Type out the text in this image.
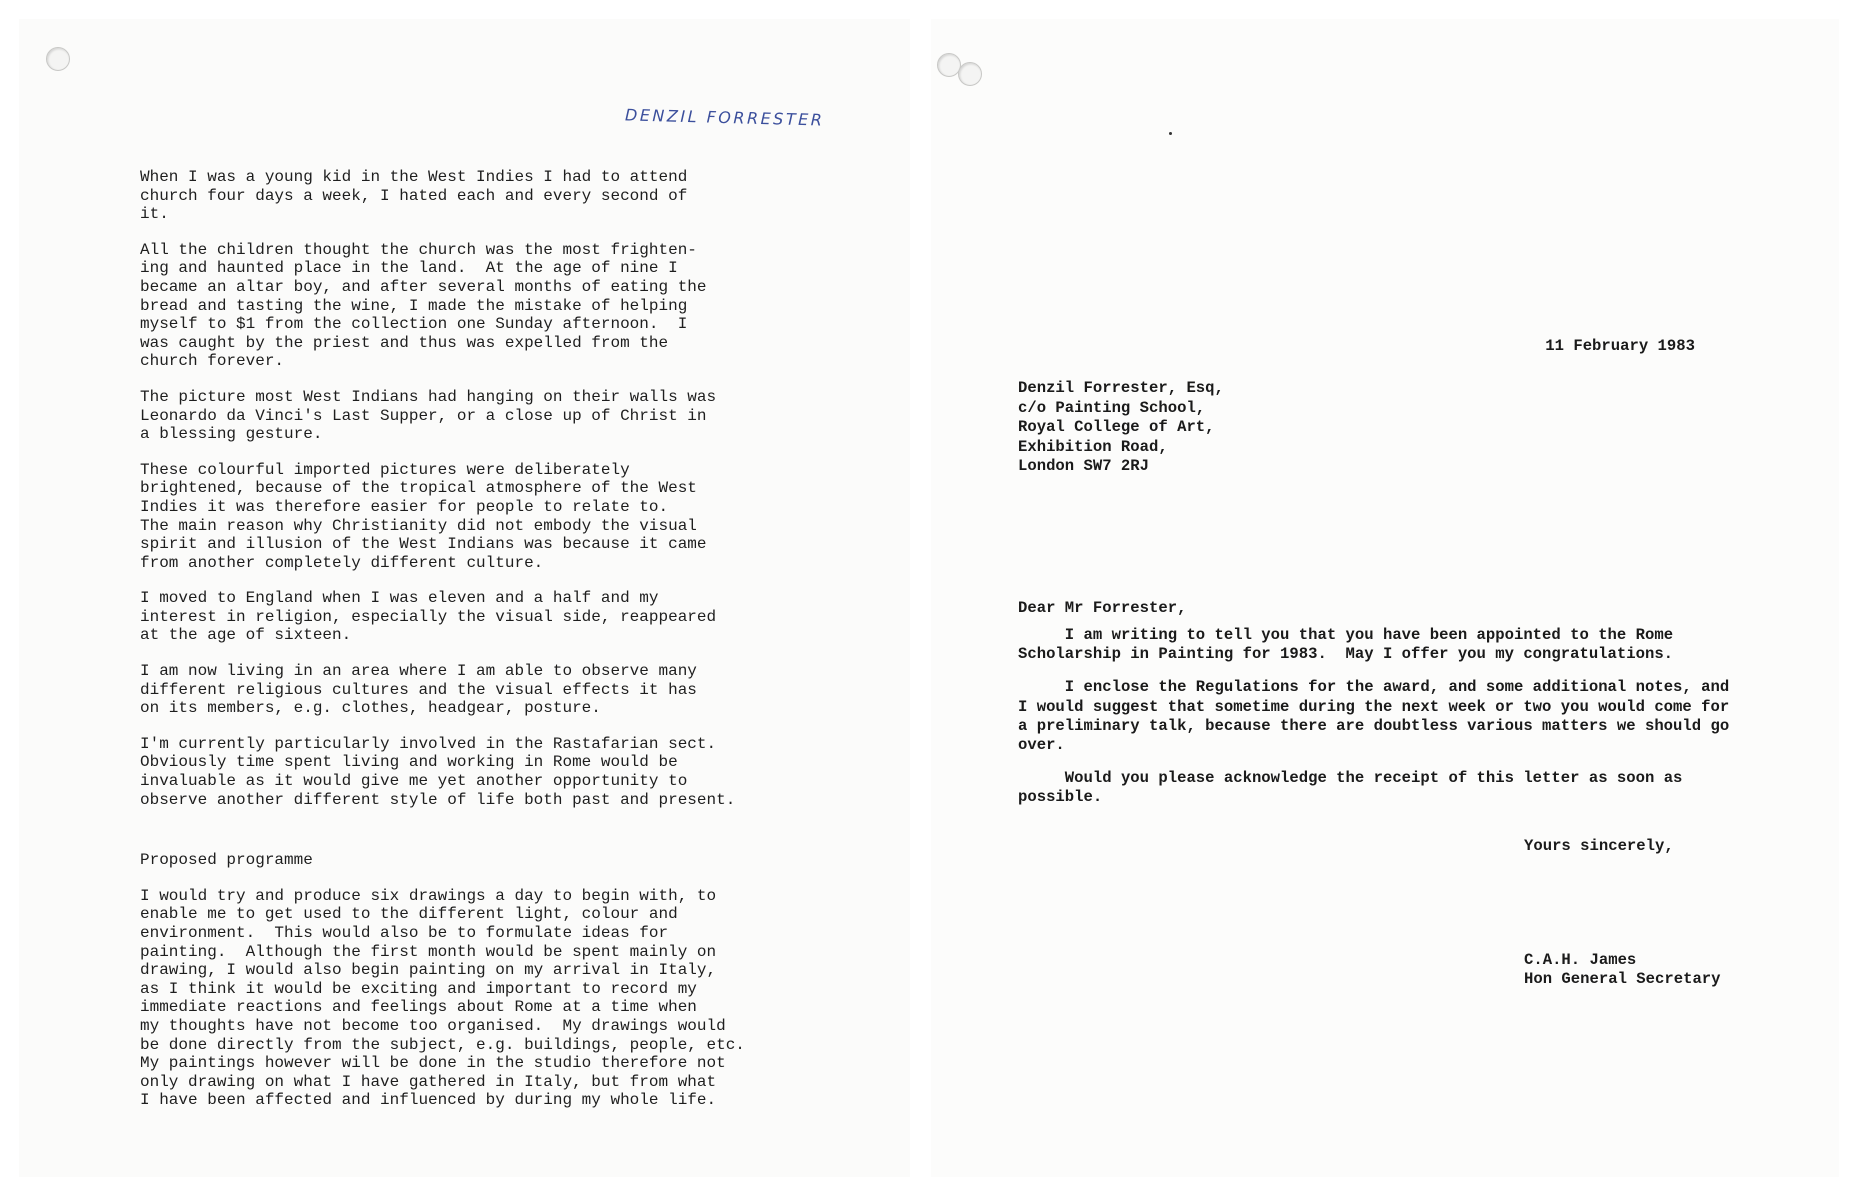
DENZIL FORRESTER

When I was a young kid in the West Indies I had to attend
church four days a week, I hated each and every second of
it.

All the children thought the church was the most frighten-
ing and haunted place in the land.  At the age of nine I
became an altar boy, and after several months of eating the
bread and tasting the wine, I made the mistake of helping
myself to $1 from the collection one Sunday afternoon.  I
was caught by the priest and thus was expelled from the
church forever.

The picture most West Indians had hanging on their walls was
Leonardo da Vinci's Last Supper, or a close up of Christ in
a blessing gesture.

These colourful imported pictures were deliberately
brightened, because of the tropical atmosphere of the West
Indies it was therefore easier for people to relate to.
The main reason why Christianity did not embody the visual
spirit and illusion of the West Indians was because it came
from another completely different culture.

I moved to England when I was eleven and a half and my
interest in religion, especially the visual side, reappeared
at the age of sixteen.

I am now living in an area where I am able to observe many
different religious cultures and the visual effects it has
on its members, e.g. clothes, headgear, posture.

I'm currently particularly involved in the Rastafarian sect.
Obviously time spent living and working in Rome would be
invaluable as it would give me yet another opportunity to
observe another different style of life both past and present.

Proposed programme

I would try and produce six drawings a day to begin with, to
enable me to get used to the different light, colour and
environment.  This would also be to formulate ideas for
painting.  Although the first month would be spent mainly on
drawing, I would also begin painting on my arrival in Italy,
as I think it would be exciting and important to record my
immediate reactions and feelings about Rome at a time when
my thoughts have not become too organised.  My drawings would
be done directly from the subject, e.g. buildings, people, etc.
My paintings however will be done in the studio therefore not
only drawing on what I have gathered in Italy, but from what
I have been affected and influenced by during my whole life.

11 February 1983
Denzil Forrester, Esq,
c/o Painting School,
Royal College of Art,
Exhibition Road,
London SW7 2RJ
Dear Mr Forrester,

I am writing to tell you that you have been appointed to the Rome
Scholarship in Painting for 1983.  May I offer you my congratulations.

I enclose the Regulations for the award, and some additional notes, and
I would suggest that sometime during the next week or two you would come for
a preliminary talk, because there are doubtless various matters we should go
over.

Would you please acknowledge the receipt of this letter as soon as
possible.

Yours sincerely,
C.A.H. James
Hon General Secretary
